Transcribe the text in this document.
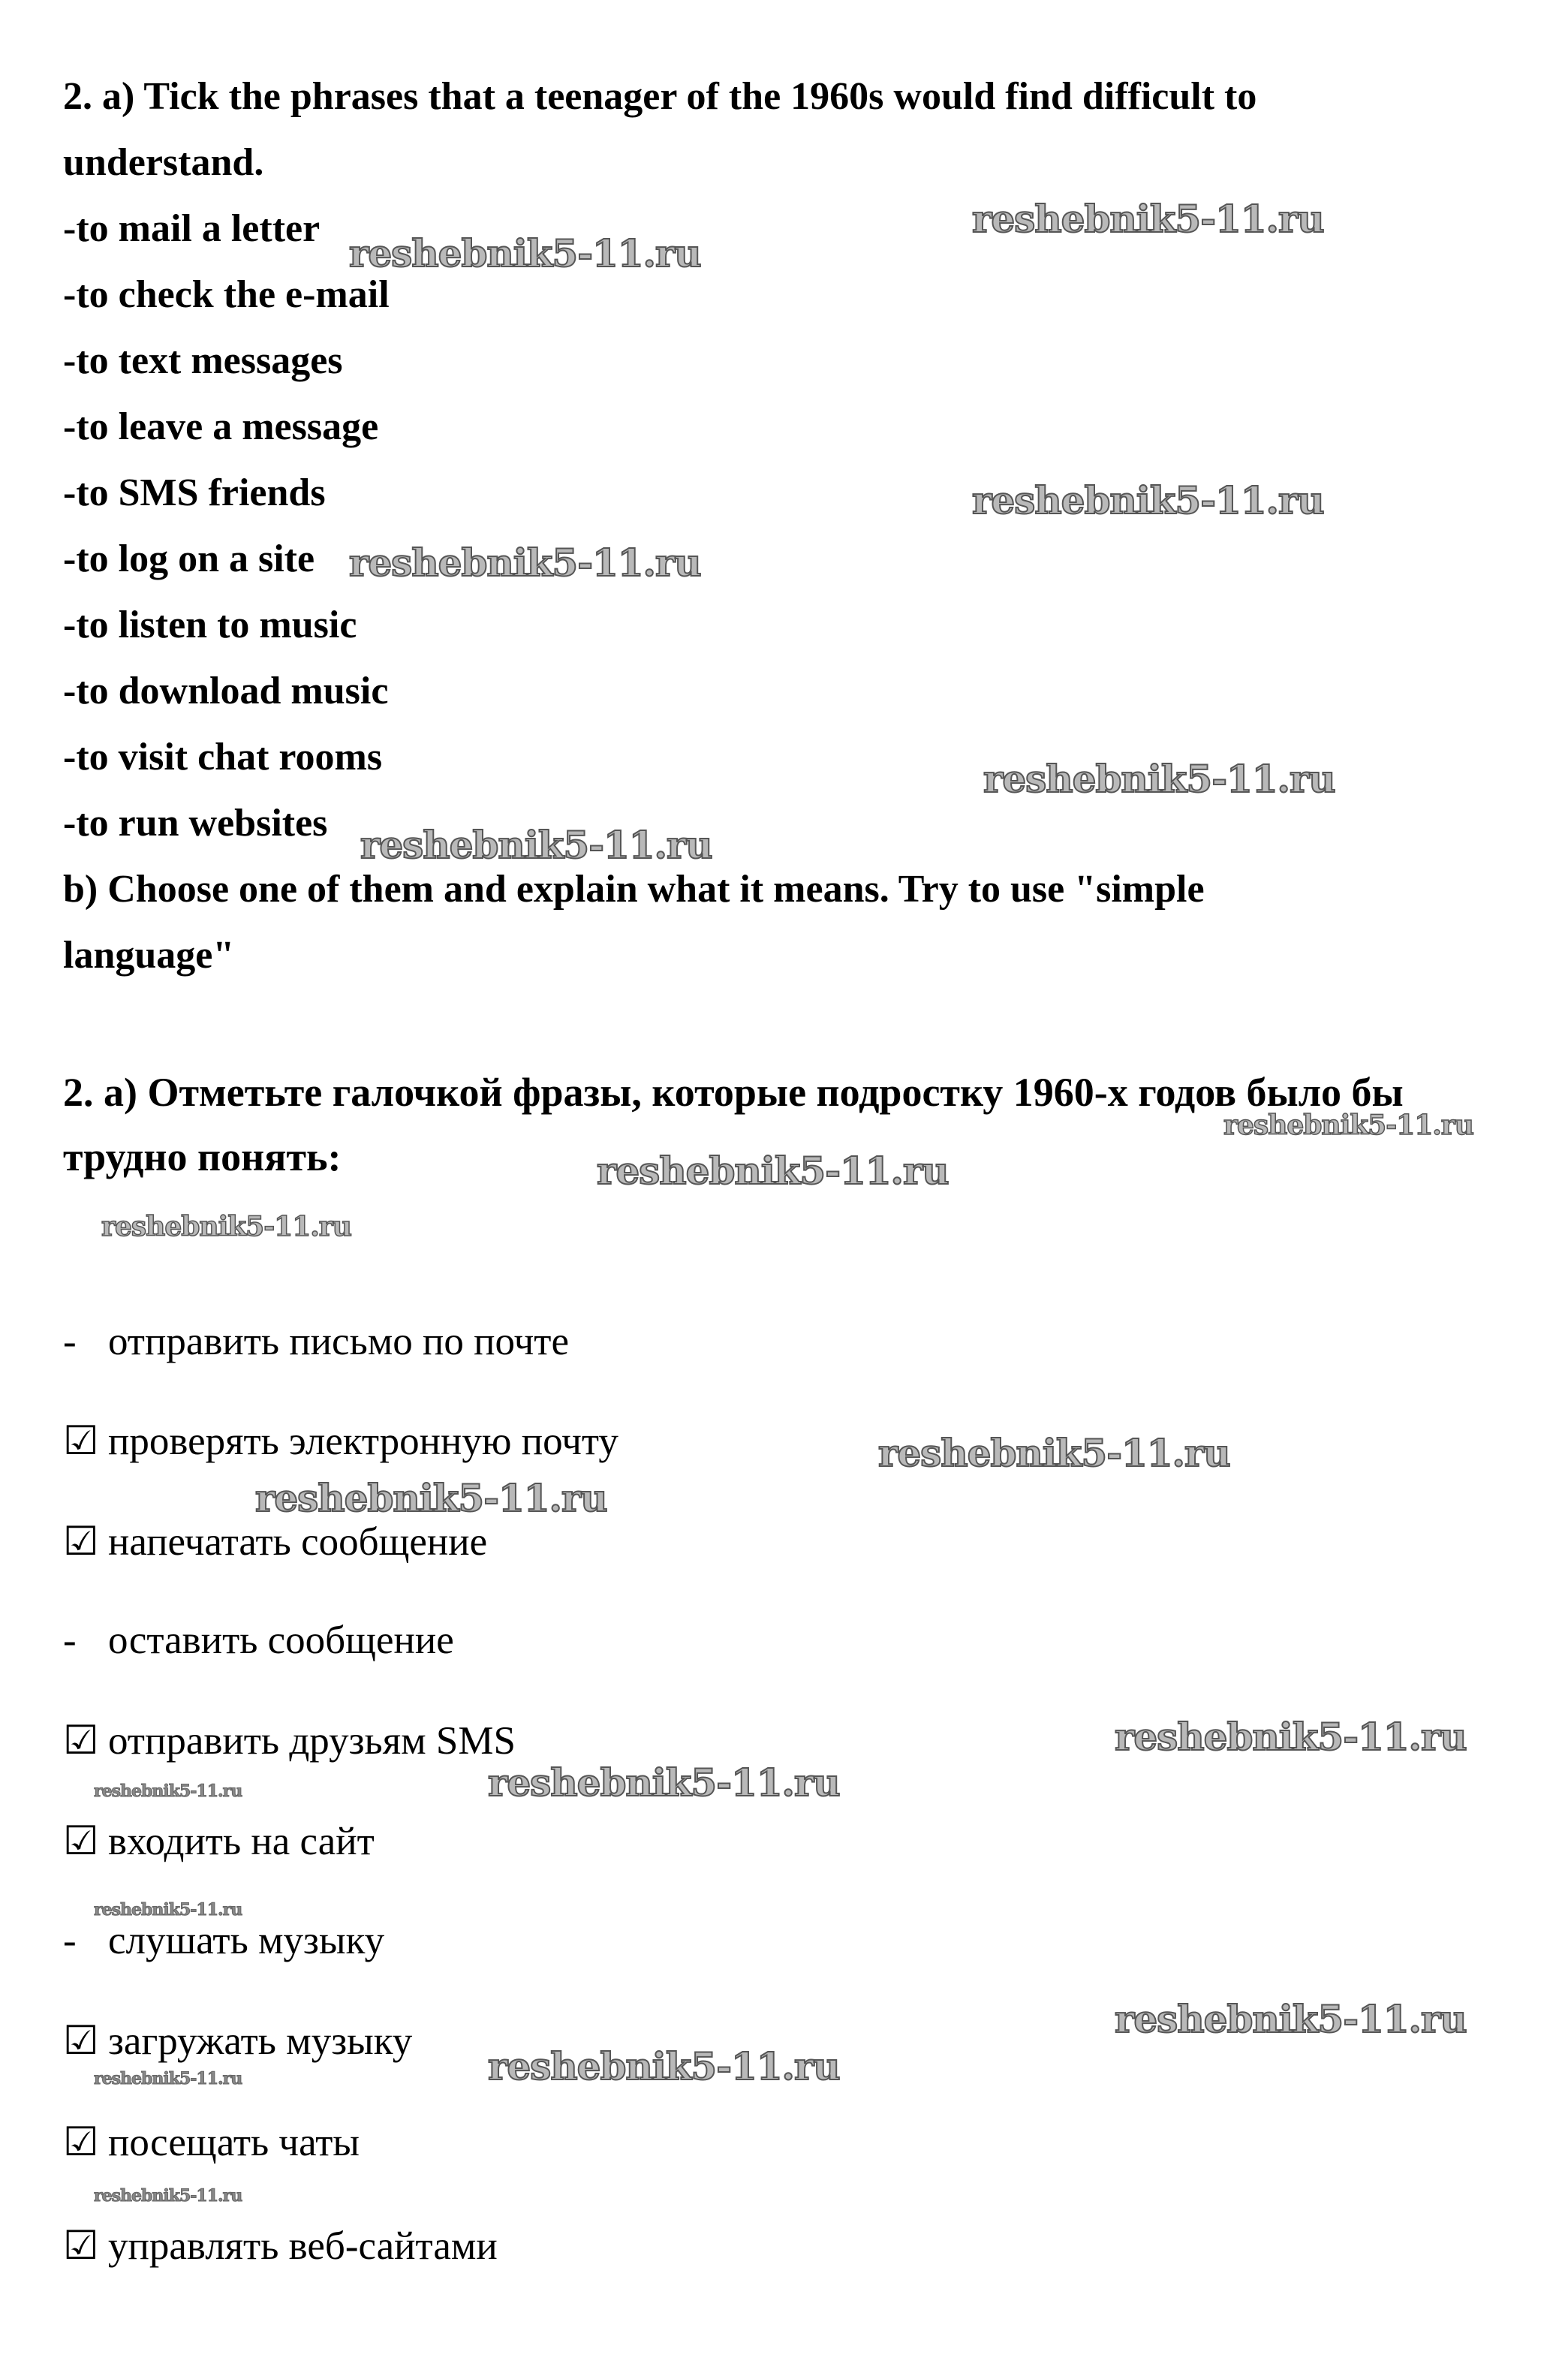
2. a) Tick the phrases that a teenager of the 1960s would find difficult to
understand.
-to mail a letter
-to check the e-mail
-to text messages
-to leave a message
-to SMS friends
-to log on a site
-to listen to music
-to download music
-to visit chat rooms
-to run websites
b) Choose one of them and explain what it means. Try to use "simple
language"
2. а) Отметьте галочкой фразы, которые подростку 1960-х годов было бы
трудно понять:
- отправить письмо по почте
☑ проверять электронную почту
☑ напечатать сообщение
- оставить сообщение
☑ отправить друзьям SMS
☑ входить на сайт
- слушать музыку
☑ загружать музыку
☑ посещать чаты
☑ управлять веб-сайтами
reshebnik5-11.ru
reshebnik5-11.ru
reshebnik5-11.ru
reshebnik5-11.ru
reshebnik5-11.ru
reshebnik5-11.ru
reshebnik5-11.ru
reshebnik5-11.ru
reshebnik5-11.ru
reshebnik5-11.ru
reshebnik5-11.ru
reshebnik5-11.ru
reshebnik5-11.ru	reshebnik5-11.ru
reshebnik5-11.ru
reshebnik5-11.ru
reshebnik5-11.ru
reshebnik5-11.ru
reshebnik5-11.ru
